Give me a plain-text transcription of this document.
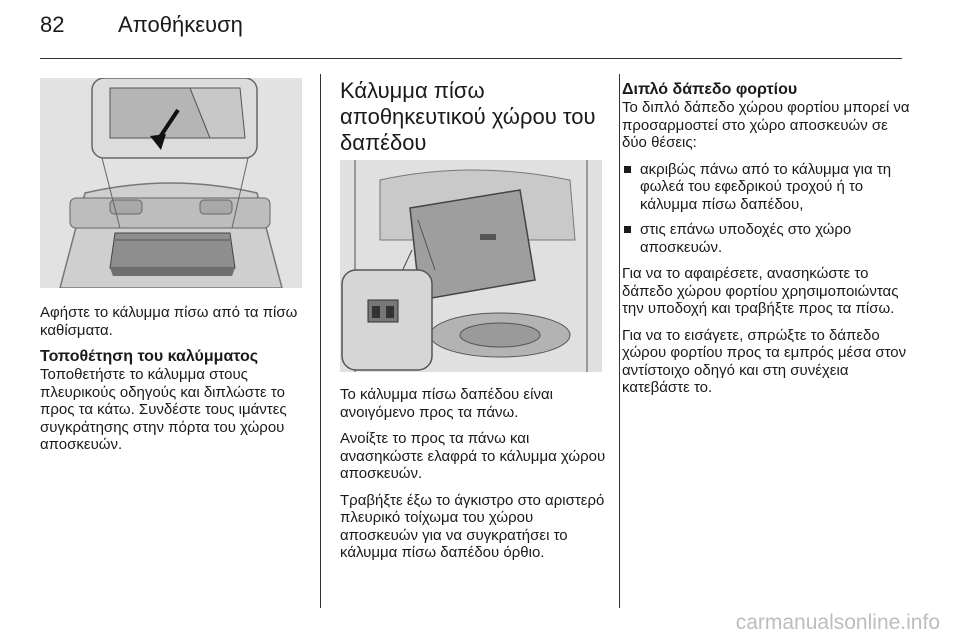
82 Αποθήκευση

Αφήστε το κάλυμμα πίσω από τα πίσω καθίσματα.

Τοποθέτηση του καλύμματος

Τοποθετήστε το κάλυμμα στους πλευρικούς οδηγούς και διπλώστε το προς τα κάτω. Συνδέστε τους ιμάντες συγκράτησης στην πόρτα του χώρου αποσκευών.

Κάλυμμα πίσω αποθηκευτικού χώρου του δαπέδου

Το κάλυμμα πίσω δαπέδου είναι ανοιγόμενο προς τα πάνω.

Ανοίξτε το προς τα πάνω και ανασηκώστε ελαφρά το κάλυμμα χώρου αποσκευών.

Τραβήξτε έξω το άγκιστρο στο αριστερό πλευρικό τοίχωμα του χώρου αποσκευών για να συγκρατήσει το κάλυμμα πίσω δαπέδου όρθιο.

Διπλό δάπεδο φορτίου

Το διπλό δάπεδο χώρου φορτίου μπορεί να προσαρμοστεί στο χώρο αποσκευών σε δύο θέσεις:

ακριβώς πάνω από το κάλυμμα για τη φωλεά του εφεδρικού τροχού ή το κάλυμμα πίσω δαπέδου,
στις επάνω υποδοχές στο χώρο αποσκευών.

Για να το αφαιρέσετε, ανασηκώστε το δάπεδο χώρου φορτίου χρησιμοποιώντας την υποδοχή και τραβήξτε προς τα πίσω.

Για να το εισάγετε, σπρώξτε το δάπεδο χώρου φορτίου προς τα εμπρός μέσα στον αντίστοιχο οδηγό και στη συνέχεια κατεβάστε το.

carmanualsonline.info
